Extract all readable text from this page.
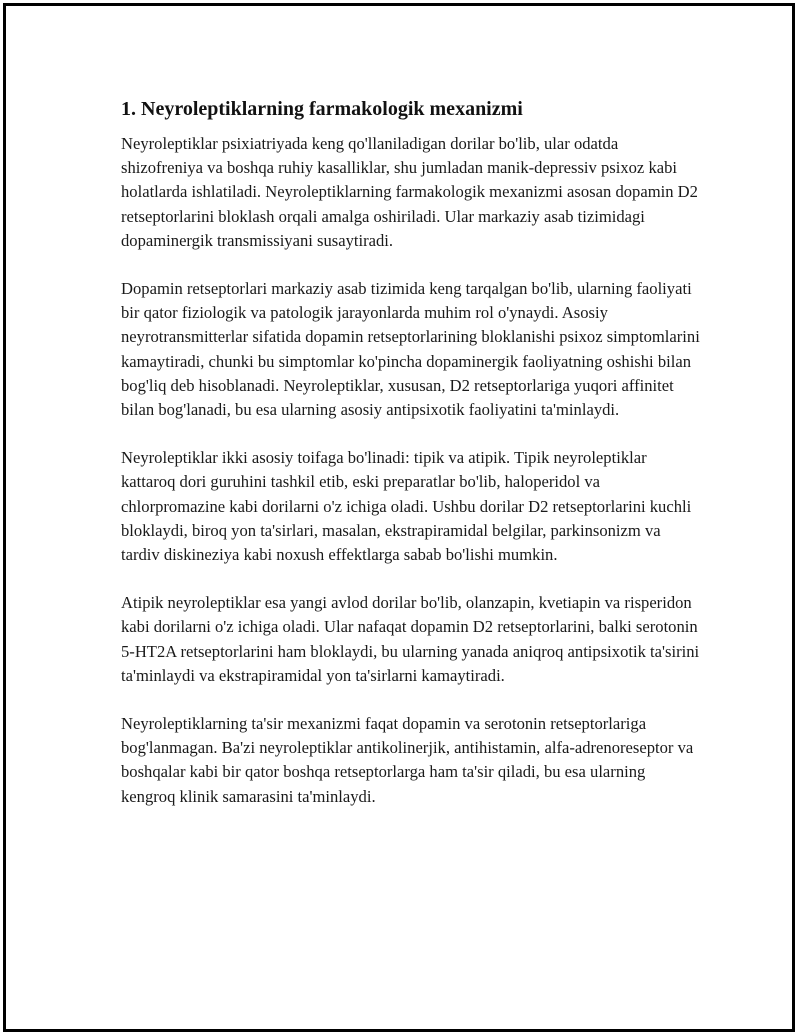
1. Neyroleptiklarning farmakologik mexanizmi

Neyroleptiklar psixiatriyada keng qo'llaniladigan dorilar bo'lib, ular odatda shizofreniya va boshqa ruhiy kasalliklar, shu jumladan manik-depressiv psixoz kabi holatlarda ishlatiladi. Neyroleptiklarning farmakologik mexanizmi asosan dopamin D2 retseptorlarini bloklash orqali amalga oshiriladi. Ular markaziy asab tizimidagi dopaminergik transmissiyani susaytiradi.

Dopamin retseptorlari markaziy asab tizimida keng tarqalgan bo'lib, ularning faoliyati bir qator fiziologik va patologik jarayonlarda muhim rol o'ynaydi. Asosiy neyrotransmitterlar sifatida dopamin retseptorlarining bloklanishi psixoz simptomlarini kamaytiradi, chunki bu simptomlar ko'pincha dopaminergik faoliyatning oshishi bilan bog'liq deb hisoblanadi. Neyroleptiklar, xususan, D2 retseptorlariga yuqori affinitet bilan bog'lanadi, bu esa ularning asosiy antipsixotik faoliyatini ta'minlaydi.

Neyroleptiklar ikki asosiy toifaga bo'linadi: tipik va atipik. Tipik neyroleptiklar kattaroq dori guruhini tashkil etib, eski preparatlar bo'lib, haloperidol va chlorpromazine kabi dorilarni o'z ichiga oladi. Ushbu dorilar D2 retseptorlarini kuchli bloklaydi, biroq yon ta'sirlari, masalan, ekstrapiramidal belgilar, parkinsonizm va tardiv diskineziya kabi noxush effektlarga sabab bo'lishi mumkin.

Atipik neyroleptiklar esa yangi avlod dorilar bo'lib, olanzapin, kvetiapin va risperidon kabi dorilarni o'z ichiga oladi. Ular nafaqat dopamin D2 retseptorlarini, balki serotonin 5-HT2A retseptorlarini ham bloklaydi, bu ularning yanada aniqroq antipsixotik ta'sirini ta'minlaydi va ekstrapiramidal yon ta'sirlarni kamaytiradi.

Neyroleptiklarning ta'sir mexanizmi faqat dopamin va serotonin retseptorlariga bog'lanmagan. Ba'zi neyroleptiklar antikolinerjik, antihistamin, alfa-adrenoreseptor va boshqalar kabi bir qator boshqa retseptorlarga ham ta'sir qiladi, bu esa ularning kengroq klinik samarasini ta'minlaydi.
